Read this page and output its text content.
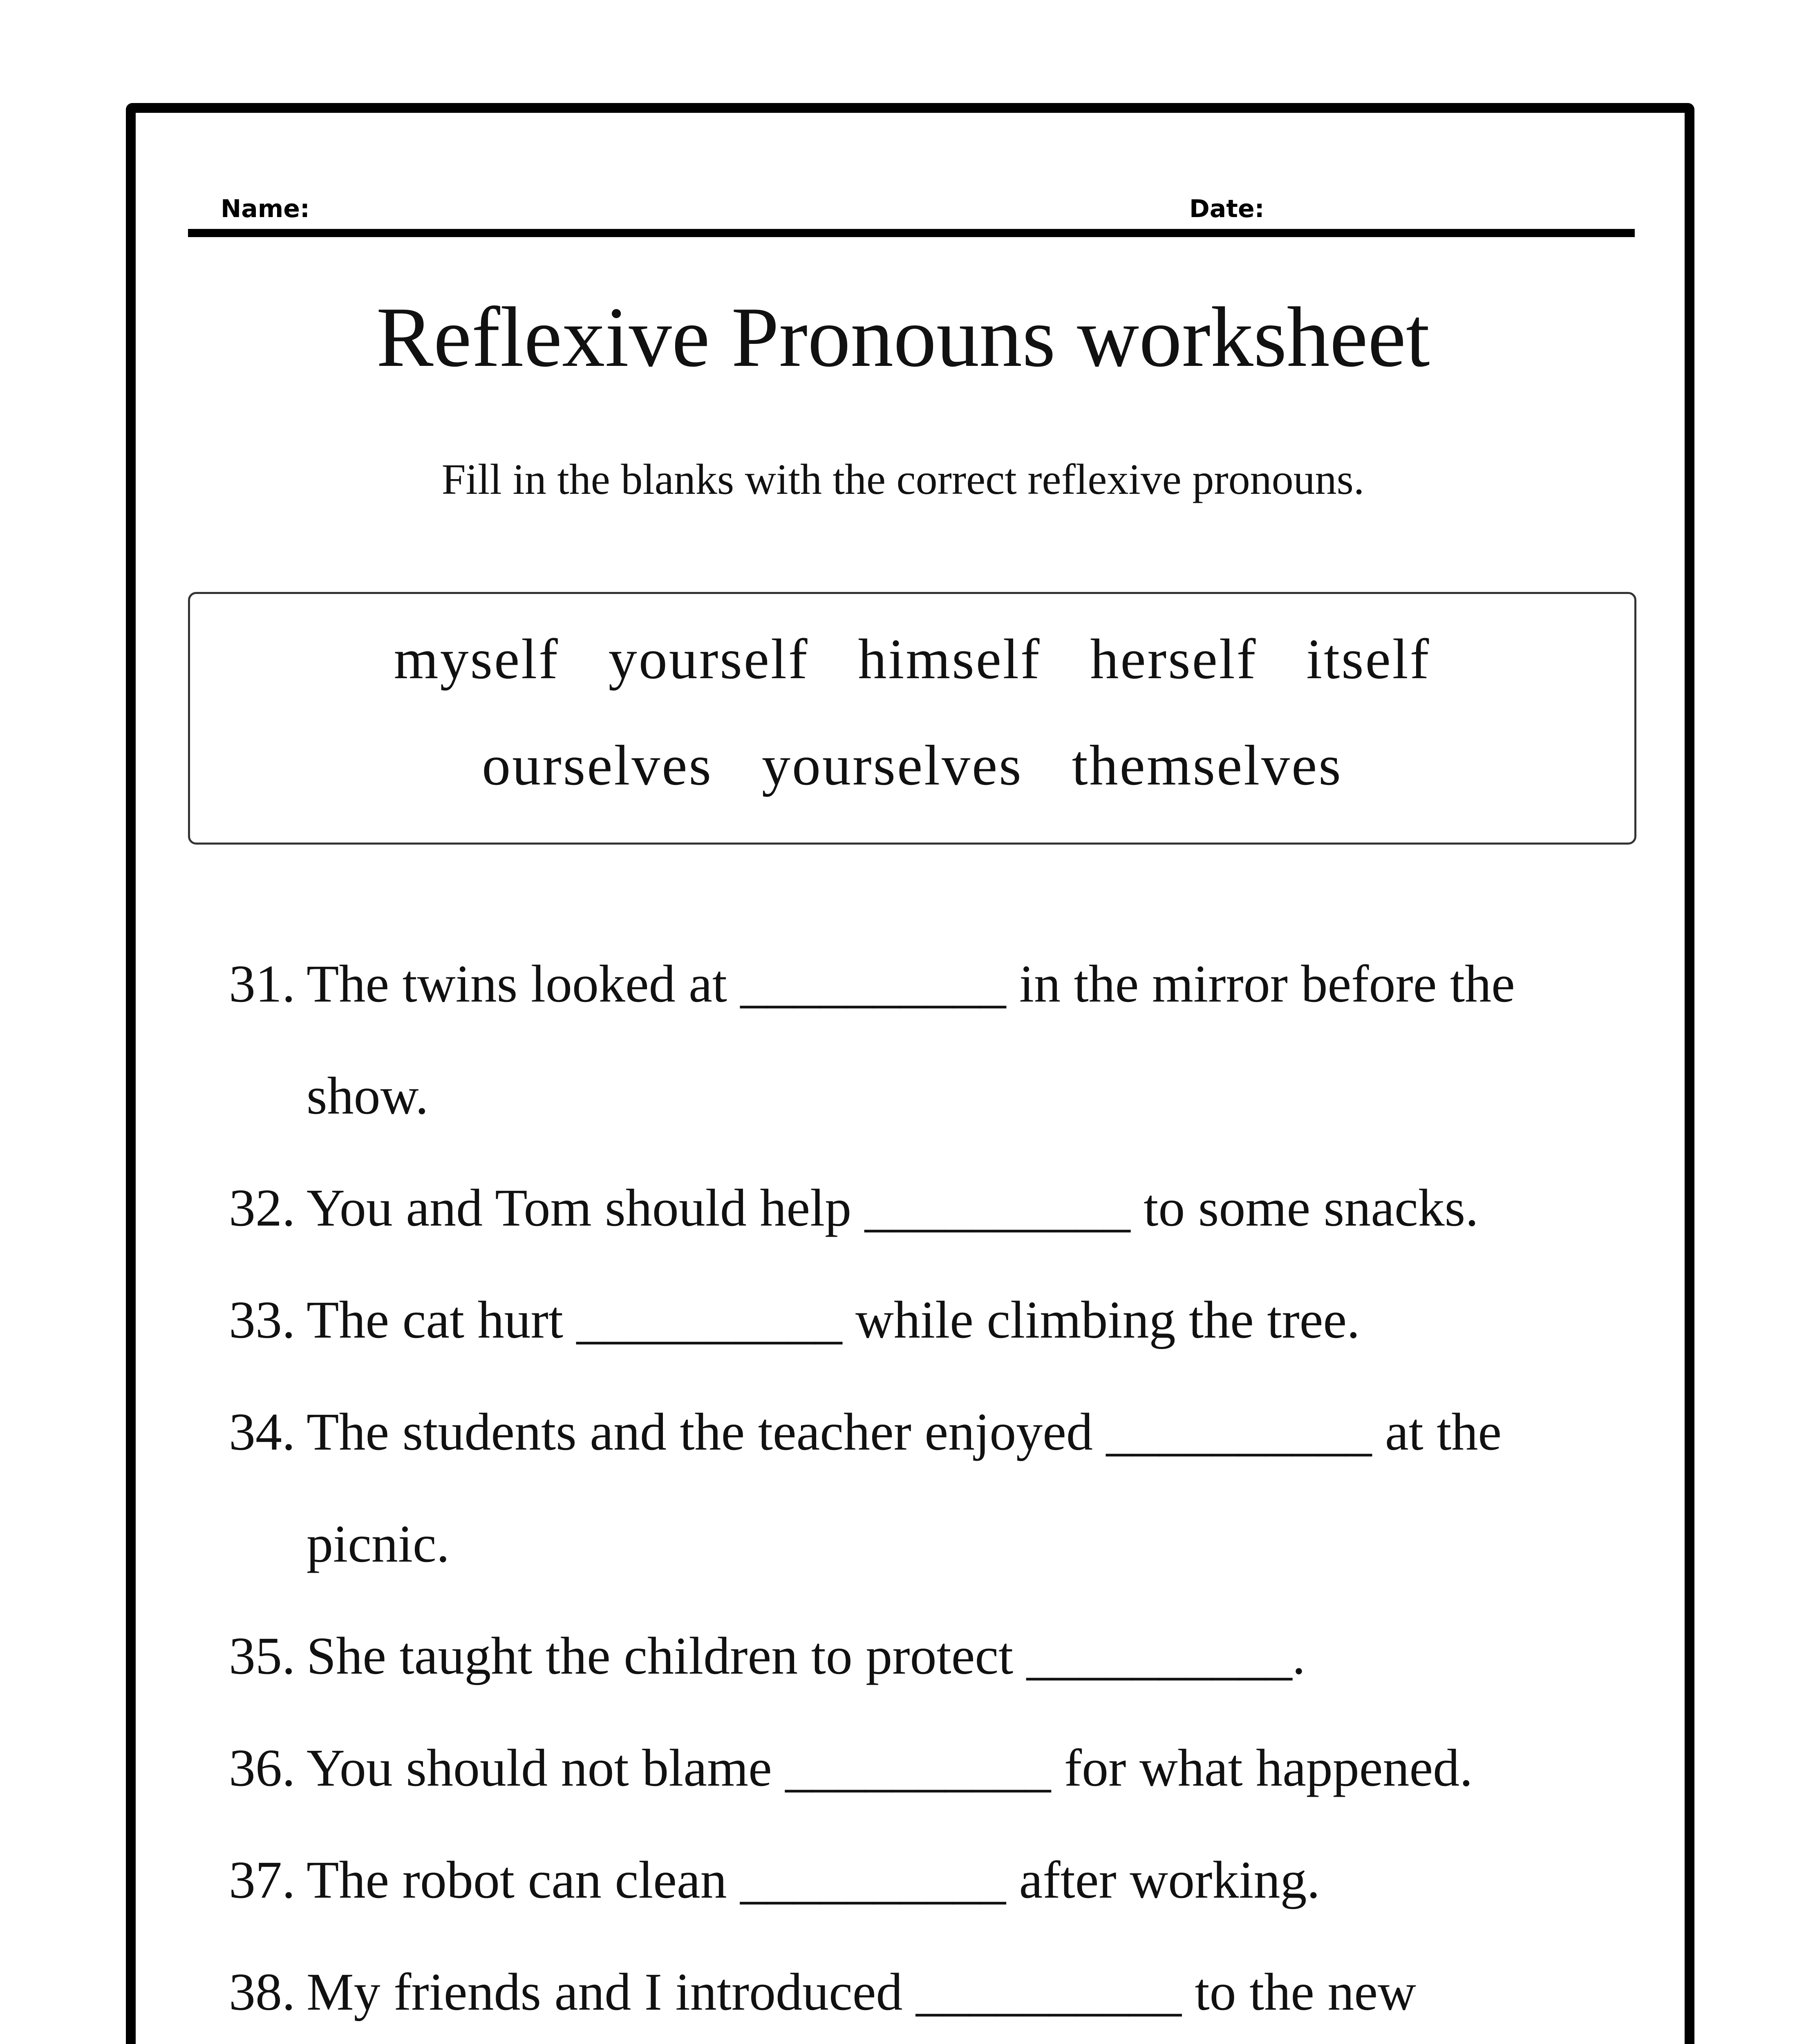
Name:	Date:
Reflexive Pronouns worksheet
Fill in the blanks with the correct reflexive pronouns.
myself yourself himself herself itself
ourselves yourselves themselves
31. The twins looked at __________ in the mirror before the
show.
32. You and Tom should help __________ to some snacks.
33. The cat hurt __________ while climbing the tree.
34. The students and the teacher enjoyed __________ at the
picnic.
35. She taught the children to protect __________.
36. You should not blame __________ for what happened.
37. The robot can clean __________ after working.
38. My friends and I introduced __________ to the new
